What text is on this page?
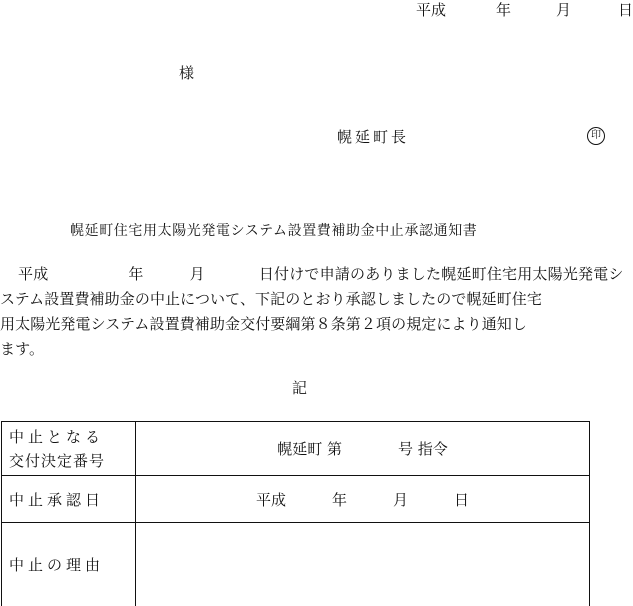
平成	年	月	日
様
幌延町長	印
幌延町住宅用太陽光発電システム設置費補助金中止承認通知書
平成	年	月	日付けで申請のありました幌延町住宅用太陽光発電シ
ステム設置費補助金の中止について、下記のとおり承認しましたので幌延町住宅
用太陽光発電システム設置費補助金交付要綱第８条第２項の規定により通知し
ます。
記
中止となる
交付決定番号	幌延町 第 号 指令
中止承認日	平成 年 月 日
中止の理由	
